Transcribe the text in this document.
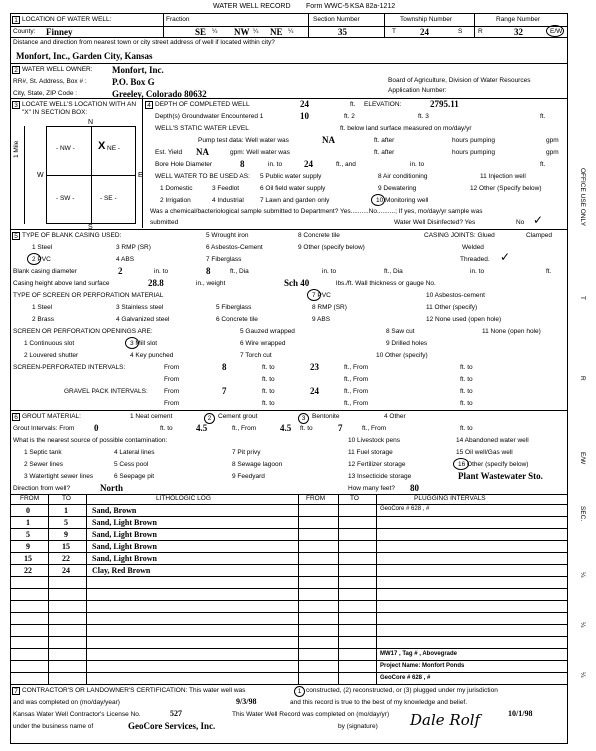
WATER WELL RECORD Form WWC-5 KSA 82a-1212
1 LOCATION OF WATER WELL:
County: Finney
Fraction
SE ¼ NW ¼ NE ¼
Section Number
35
Township Number
T	24	S
Range Number
R	32	E/W
Distance and direction from nearest town or city street address of well if located within city?
Monfort, Inc., Garden City, Kansas
2 WATER WELL OWNER: Monfort, Inc.
RR#, St. Address, Box # :	P.O. Box G
City, State, ZIP Code :	Greeley, Colorado 80632
Board of Agriculture, Division of Water Resources
Application Number:
3 LOCATE WELL'S LOCATION WITH AN "X" IN SECTION BOX:
N
S
E
W
- NW -	NE -
- SW -	- SE -
X
1 Mile
4 DEPTH OF COMPLETED WELL	24	ft. ELEVATION:	2795.11
Depth(s) Groundwater Encountered 1	10	ft. 2	ft. 3	ft.
WELL'S STATIC WATER LEVEL	ft. below land surface measured on mo/day/yr
Pump test data: Well water was	NA	ft. after	hours pumping	gpm
Est. Yield NA	gpm: Well water was	ft. after	hours pumping	gpm
Bore Hole Diameter	8	in. to 24	ft., and	in. to	ft.
WELL WATER TO BE USED AS: 5 Public water supply	8 Air conditioning	11 Injection well
1 Domestic	3 Feedlot	6 Oil field water supply	9 Dewatering	12 Other (Specify below)
2 Irrigation	4 Industrial 7 Lawn and garden only	10 Monitoring well
Was a chemical/bacteriological sample submitted to Department? Yes..........No..........; If yes, mo/day/yr sample was
submitted	Water Well Disinfected? Yes	No ✓
5 TYPE OF BLANK CASING USED:	5 Wrought iron	8 Concrete tile	CASING JOINTS: Glued	Clamped
1 Steel	3 RMP (SR)	6 Asbestos-Cement	9 Other (specify below)	Welded
2 PVC	4 ABS	7 Fiberglass	Threaded. ✓
Blank casing diameter	2	in. to	8	ft., Dia	in. to	ft., Dia	in. to	ft.
Casing height above land surface	28.8	in., weight	Sch 40	lbs./ft. Wall thickness or gauge No.
TYPE OF SCREEN OR PERFORATION MATERIAL	7 PVC	10 Asbestos-cement
1 Steel	3 Stainless steel	5 Fiberglass	8 RMP (SR)	11 Other (specify)
2 Brass	4 Galvanized steel	6 Concrete tile	9 ABS	12 None used (open hole)
SCREEN OR PERFORATION OPENINGS ARE:	5 Gauzed wrapped	8 Saw cut	11 None (open hole)
1 Continuous slot	3 Mill slot	6 Wire wrapped	9 Drilled holes
2 Louvered shutter	4 Key punched	7 Torch cut	10 Other (specify)
SCREEN-PERFORATED INTERVALS:	From	8	ft. to	23	ft., From	ft. to
From	ft. to	ft., From	ft. to
GRAVEL PACK INTERVALS: From	7	ft. to	24	ft., From	ft. to
From	ft. to	ft., From	ft. to
6 GROUT MATERIAL:	1 Neat cement	2	Cement grout	3	Bentonite	4 Other
Grout Intervals: From 0	ft. to	4.5	ft., From	4.5 ft. to	7	ft., From	ft. to
What is the nearest source of possible contamination:	10 Livestock pens	14 Abandoned water well
1 Septic tank	4 Lateral lines	7 Pit privy	11 Fuel storage	15 Oil well/Gas well
2 Sewer lines	5 Cess pool	8 Sewage lagoon	12 Fertilizer storage	16 Other (specify below)
3 Watertight sewer lines	6 Seepage pit	9 Feedyard	13 Insecticide storage	Plant Wastewater Sto.
Direction from well?	North	How many feet? 80
FROM	TO	LITHOLOGIC LOG	FROM	TO	PLUGGING INTERVALS
GeoCore # 628 , #
0	1	Sand, Brown
1	5	Sand, Light Brown
5	9	Sand, Light Brown
9	15	Sand, Light Brown
15	22	Sand, Light Brown
22	24	Clay, Red Brown
MW17 , Tag # , Abovegrade
Project Name: Monfort Ponds
GeoCore # 628 , #
7 CONTRACTOR'S OR LANDOWNER'S CERTIFICATION: This water well was	1 constructed, (2) reconstructed, or (3) plugged under my jurisdiction
and was completed on (mo/day/year)	9/3/98	and this record is true to the best of my knowledge and belief.
Kansas Water Well Contractor's License No.	527	This Water Well Record was completed on (mo/day/yr)	10/1/98
under the business name of	GeoCore Services, Inc.	by (signature) Dale Rolf
OFFICE USE ONLY
T
R
E/W
SEC.
¼
¼
¼
